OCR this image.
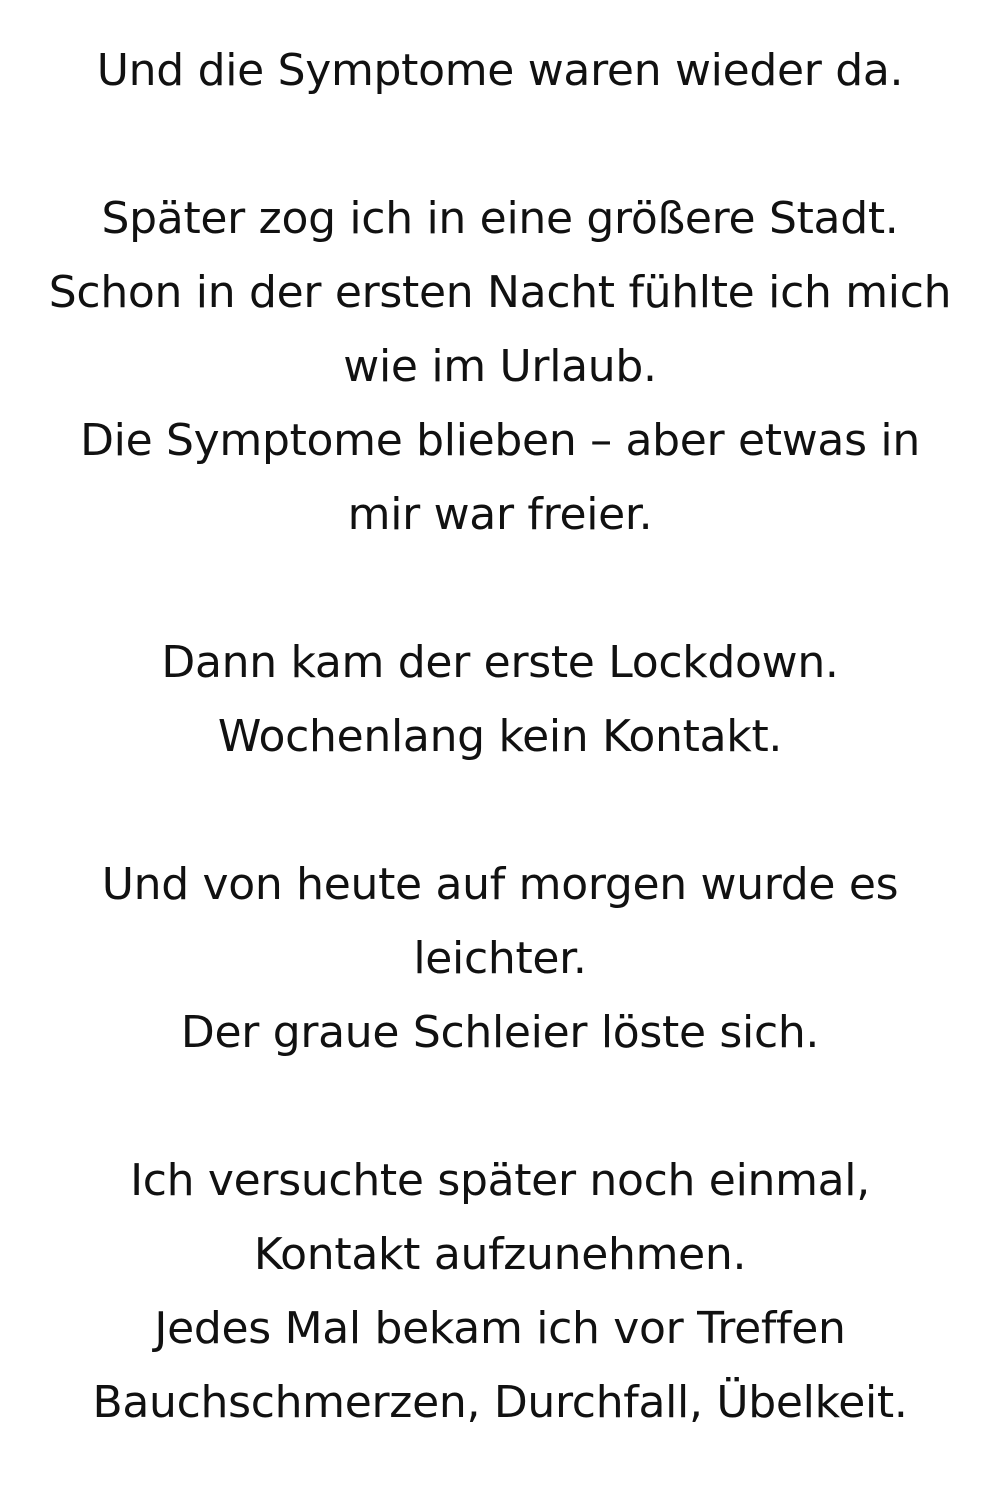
Und die Symptome waren wieder da.
Später zog ich in eine größere Stadt.
Schon in der ersten Nacht fühlte ich mich
wie im Urlaub.
Die Symptome blieben – aber etwas in
mir war freier.
Dann kam der erste Lockdown.
Wochenlang kein Kontakt.
Und von heute auf morgen wurde es
leichter.
Der graue Schleier löste sich.
Ich versuchte später noch einmal,
Kontakt aufzunehmen.
Jedes Mal bekam ich vor Treffen
Bauchschmerzen, Durchfall, Übelkeit.
